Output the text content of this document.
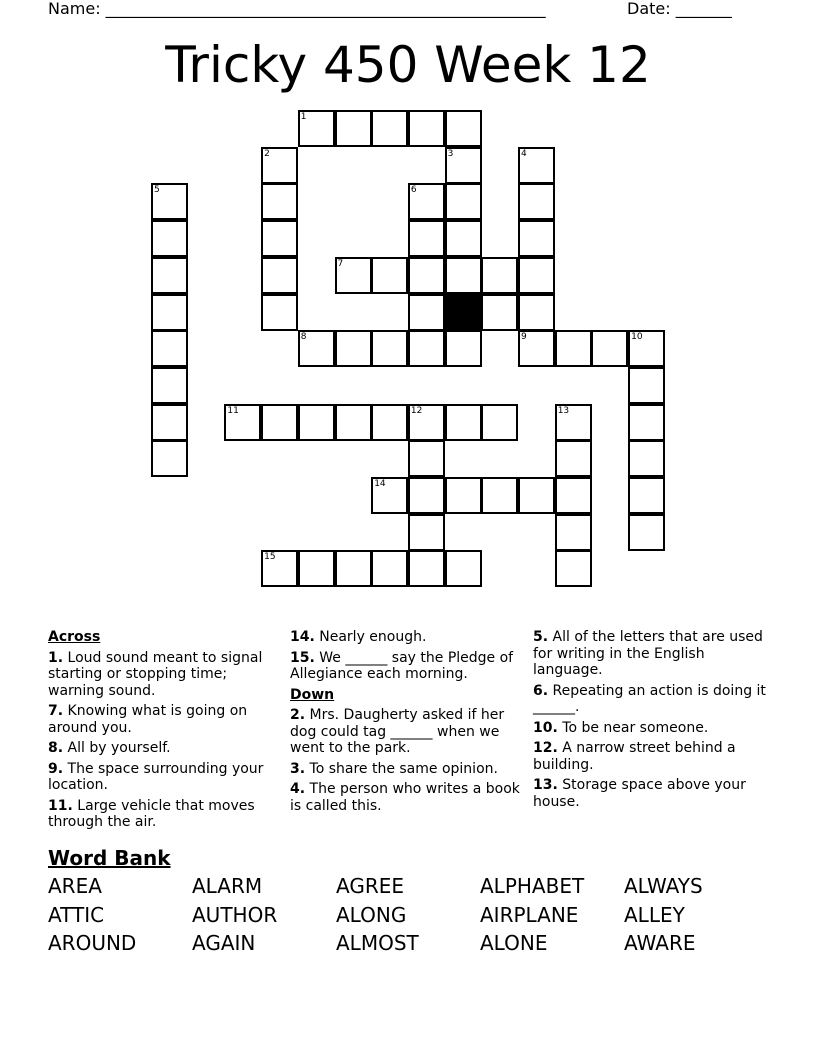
Name: _______________________________________________________	Date: _______
Tricky 450 Week 12
1
2	3	4
5	6
7
8	9	10
11	12	13
14
15
Across
1. Loud sound meant to signal starting or stopping time; warning sound.
7. Knowing what is going on around you.
8. All by yourself.
9. The space surrounding your location.
11. Large vehicle that moves through the air.
14. Nearly enough.
15. We ______ say the Pledge of Allegiance each morning.
Down
2. Mrs. Daugherty asked if her dog could tag ______ when we went to the park.
3. To share the same opinion.
4. The person who writes a book is called this.
5. All of the letters that are used for writing in the English language.
6. Repeating an action is doing it ______.
10. To be near someone.
12. A narrow street behind a building.
13. Storage space above your house.
Word Bank
AREA	ALARM	AGREE	ALPHABET ALWAYS
ATTIC	AUTHOR	ALONG	AIRPLANE ALLEY
AROUND	AGAIN	ALMOST	ALONE	AWARE
